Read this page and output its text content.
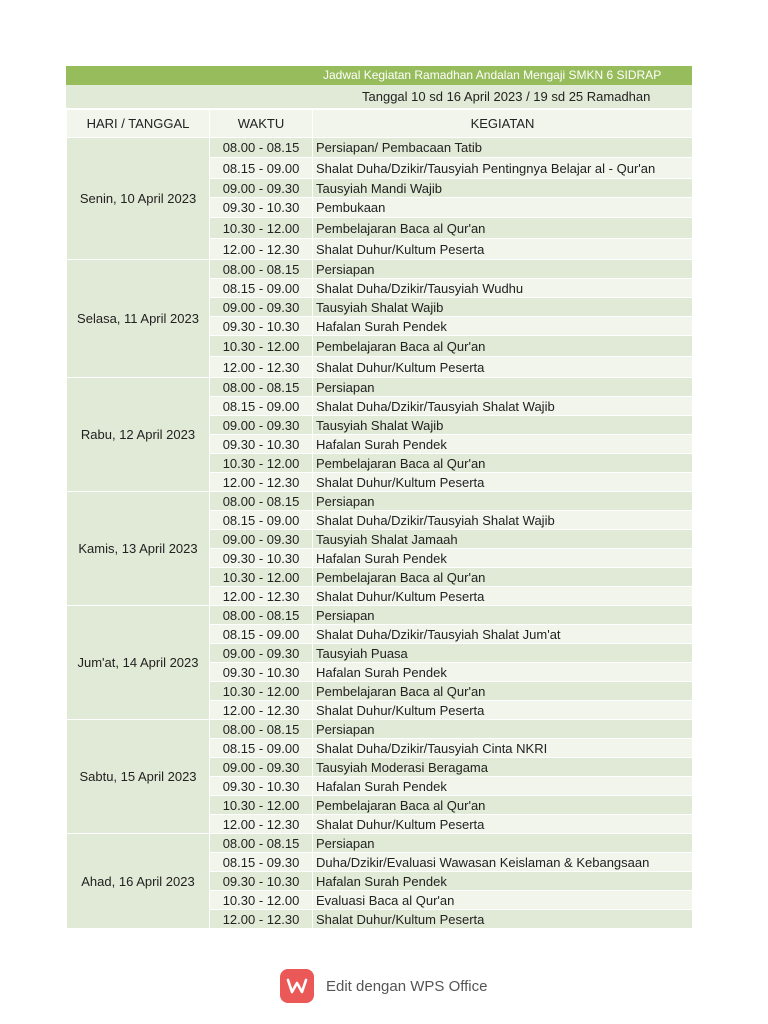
Jadwal Kegiatan Ramadhan Andalan Mengaji SMKN 6 SIDRAP
Tanggal 10 sd 16 April 2023 / 19 sd 25 Ramadhan
HARI / TANGGAL	WAKTU	KEGIATAN
Senin, 10 April 2023	08.00 - 08.15	Persiapan/ Pembacaan Tatib
	08.15 - 09.00	Shalat Duha/Dzikir/Tausyiah Pentingnya Belajar al - Qur'an
	09.00 - 09.30	Tausyiah Mandi Wajib
	09.30 - 10.30	Pembukaan
	10.30 - 12.00	Pembelajaran Baca al Qur'an
	12.00 - 12.30	Shalat Duhur/Kultum Peserta
Selasa, 11 April 2023	08.00 - 08.15	Persiapan
	08.15 - 09.00	Shalat Duha/Dzikir/Tausyiah Wudhu
	09.00 - 09.30	Tausyiah Shalat Wajib
	09.30 - 10.30	Hafalan Surah Pendek
	10.30 - 12.00	Pembelajaran Baca al Qur'an
	12.00 - 12.30	Shalat Duhur/Kultum Peserta
Rabu, 12 April 2023	08.00 - 08.15	Persiapan
	08.15 - 09.00	Shalat Duha/Dzikir/Tausyiah Shalat Wajib
	09.00 - 09.30	Tausyiah Shalat Wajib
	09.30 - 10.30	Hafalan Surah Pendek
	10.30 - 12.00	Pembelajaran Baca al Qur'an
	12.00 - 12.30	Shalat Duhur/Kultum Peserta
Kamis, 13 April 2023	08.00 - 08.15	Persiapan
	08.15 - 09.00	Shalat Duha/Dzikir/Tausyiah Shalat Wajib
	09.00 - 09.30	Tausyiah Shalat Jamaah
	09.30 - 10.30	Hafalan Surah Pendek
	10.30 - 12.00	Pembelajaran Baca al Qur'an
	12.00 - 12.30	Shalat Duhur/Kultum Peserta
Jum'at, 14 April 2023	08.00 - 08.15	Persiapan
	08.15 - 09.00	Shalat Duha/Dzikir/Tausyiah Shalat Jum'at
	09.00 - 09.30	Tausyiah Puasa
	09.30 - 10.30	Hafalan Surah Pendek
	10.30 - 12.00	Pembelajaran Baca al Qur'an
	12.00 - 12.30	Shalat Duhur/Kultum Peserta
Sabtu, 15 April 2023	08.00 - 08.15	Persiapan
	08.15 - 09.00	Shalat Duha/Dzikir/Tausyiah Cinta NKRI
	09.00 - 09.30	Tausyiah Moderasi Beragama
	09.30 - 10.30	Hafalan Surah Pendek
	10.30 - 12.00	Pembelajaran Baca al Qur'an
	12.00 - 12.30	Shalat Duhur/Kultum Peserta
Ahad, 16 April 2023	08.00 - 08.15	Persiapan
	08.15 - 09.30	Duha/Dzikir/Evaluasi Wawasan Keislaman & Kebangsaan
	09.30 - 10.30	Hafalan Surah Pendek
	10.30 - 12.00	Evaluasi Baca al Qur'an
	12.00 - 12.30	Shalat Duhur/Kultum Peserta
Edit dengan WPS Office
